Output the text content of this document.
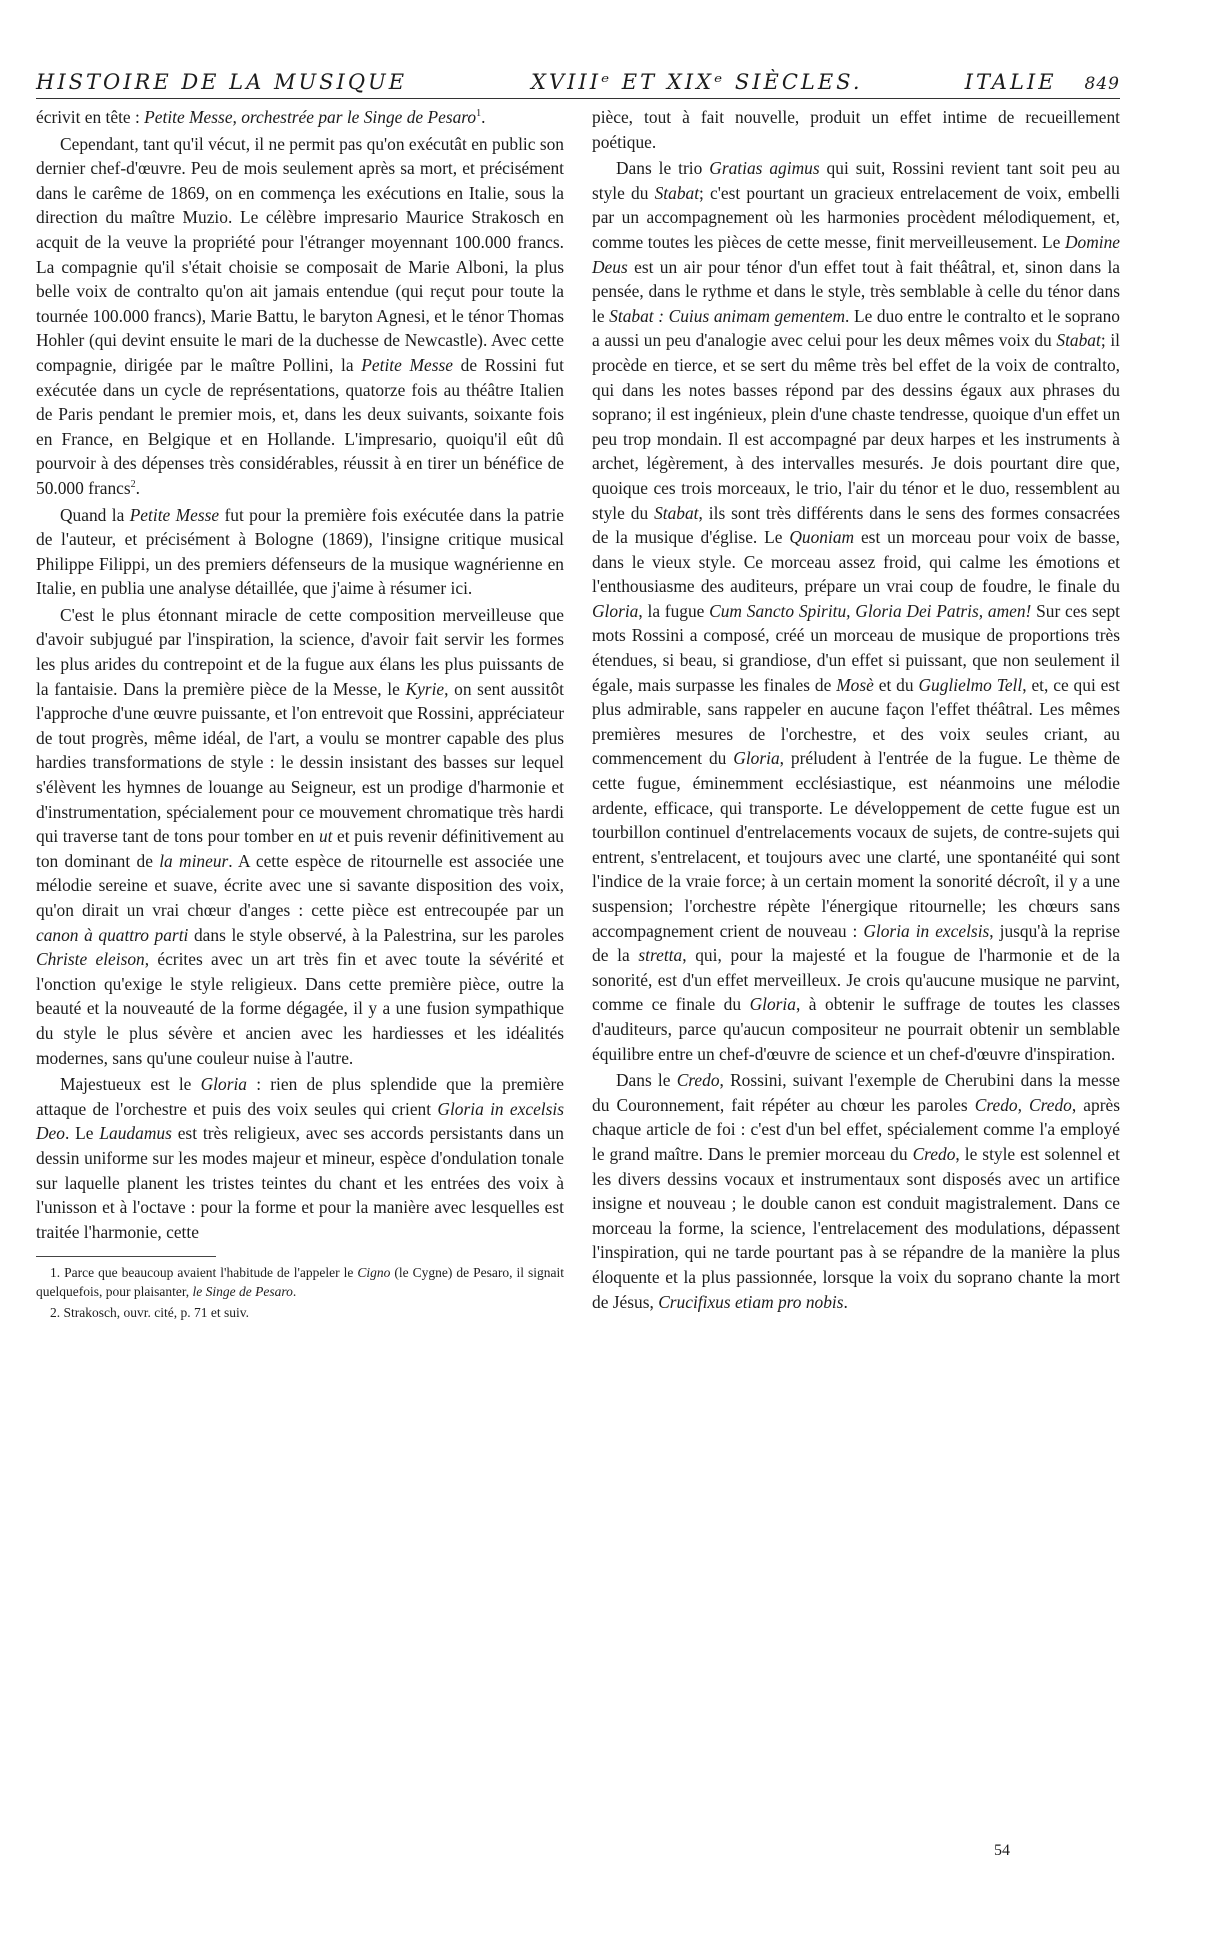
HISTOIRE DE LA MUSIQUE	XVIIIᵉ ET XIXᵉ SIÈCLES.	ITALIE 849

écrivit en tête : Petite Messe, orchestrée par le Singe de Pesaro$^1$.

Cependant, tant qu'il vécut, il ne permit pas qu'on exécutât en public son dernier chef-d'œuvre. Peu de mois seulement après sa mort, et précisément dans le carême de 1869, on en commença les exécutions en Italie, sous la direction du maître Muzio. Le célèbre impresario Maurice Strakosch en acquit de la veuve la propriété pour l'étranger moyennant 100.000 francs. La compagnie qu'il s'était choisie se composait de Marie Alboni, la plus belle voix de contralto qu'on ait jamais entendue (qui reçut pour toute la tournée 100.000 francs), Marie Battu, le baryton Agnesi, et le ténor Thomas Hohler (qui devint ensuite le mari de la duchesse de Newcastle). Avec cette compagnie, dirigée par le maître Pollini, la Petite Messe de Rossini fut exécutée dans un cycle de représentations, quatorze fois au théâtre Italien de Paris pendant le premier mois, et, dans les deux suivants, soixante fois en France, en Belgique et en Hollande. L'impresario, quoiqu'il eût dû pourvoir à des dépenses très considérables, réussit à en tirer un bénéfice de 50.000 francs$^2$.

Quand la Petite Messe fut pour la première fois exécutée dans la patrie de l'auteur, et précisément à Bologne (1869), l'insigne critique musical Philippe Filippi, un des premiers défenseurs de la musique wagnérienne en Italie, en publia une analyse détaillée, que j'aime à résumer ici.

C'est le plus étonnant miracle de cette composition merveilleuse que d'avoir subjugué par l'inspiration, la science, d'avoir fait servir les formes les plus arides du contrepoint et de la fugue aux élans les plus puissants de la fantaisie. Dans la première pièce de la Messe, le Kyrie, on sent aussitôt l'approche d'une œuvre puissante, et l'on entrevoit que Rossini, appréciateur de tout progrès, même idéal, de l'art, a voulu se montrer capable des plus hardies transformations de style : le dessin insistant des basses sur lequel s'élèvent les hymnes de louange au Seigneur, est un prodige d'harmonie et d'instrumentation, spécialement pour ce mouvement chromatique très hardi qui traverse tant de tons pour tomber en ut et puis revenir définitivement au ton dominant de la mineur. A cette espèce de ritournelle est associée une mélodie sereine et suave, écrite avec une si savante disposition des voix, qu'on dirait un vrai chœur d'anges : cette pièce est entrecoupée par un canon à quattro parti dans le style observé, à la Palestrina, sur les paroles Christe eleison, écrites avec un art très fin et avec toute la sévérité et l'onction qu'exige le style religieux. Dans cette première pièce, outre la beauté et la nouveauté de la forme dégagée, il y a une fusion sympathique du style le plus sévère et ancien avec les hardiesses et les idéalités modernes, sans qu'une couleur nuise à l'autre.

Majestueux est le Gloria : rien de plus splendide que la première attaque de l'orchestre et puis des voix seules qui crient Gloria in excelsis Deo. Le Laudamus est très religieux, avec ses accords persistants dans un dessin uniforme sur les modes majeur et mineur, espèce d'ondulation tonale sur laquelle planent les tristes teintes du chant et les entrées des voix à l'unisson et à l'octave : pour la forme et pour la manière avec lesquelles est traitée l'harmonie, cette

1. Parce que beaucoup avaient l'habitude de l'appeler le Cigno (le Cygne) de Pesaro, il signait quelquefois, pour plaisanter, le Singe de Pesaro.

2. Strakosch, ouvr. cité, p. 71 et suiv.

pièce, tout à fait nouvelle, produit un effet intime de recueillement poétique.

Dans le trio Gratias agimus qui suit, Rossini revient tant soit peu au style du Stabat; c'est pourtant un gracieux entrelacement de voix, embelli par un accompagnement où les harmonies procèdent mélodiquement, et, comme toutes les pièces de cette messe, finit merveilleusement. Le Domine Deus est un air pour ténor d'un effet tout à fait théâtral, et, sinon dans la pensée, dans le rythme et dans le style, très semblable à celle du ténor dans le Stabat : Cuius animam gementem. Le duo entre le contralto et le soprano a aussi un peu d'analogie avec celui pour les deux mêmes voix du Stabat; il procède en tierce, et se sert du même très bel effet de la voix de contralto, qui dans les notes basses répond par des dessins égaux aux phrases du soprano; il est ingénieux, plein d'une chaste tendresse, quoique d'un effet un peu trop mondain. Il est accompagné par deux harpes et les instruments à archet, légèrement, à des intervalles mesurés. Je dois pourtant dire que, quoique ces trois morceaux, le trio, l'air du ténor et le duo, ressemblent au style du Stabat, ils sont très différents dans le sens des formes consacrées de la musique d'église. Le Quoniam est un morceau pour voix de basse, dans le vieux style. Ce morceau assez froid, qui calme les émotions et l'enthousiasme des auditeurs, prépare un vrai coup de foudre, le finale du Gloria, la fugue Cum Sancto Spiritu, Gloria Dei Patris, amen! Sur ces sept mots Rossini a composé, créé un morceau de musique de proportions très étendues, si beau, si grandiose, d'un effet si puissant, que non seulement il égale, mais surpasse les finales de Mosè et du Guglielmo Tell, et, ce qui est plus admirable, sans rappeler en aucune façon l'effet théâtral. Les mêmes premières mesures de l'orchestre, et des voix seules criant, au commencement du Gloria, préludent à l'entrée de la fugue. Le thème de cette fugue, éminemment ecclésiastique, est néanmoins une mélodie ardente, efficace, qui transporte. Le développement de cette fugue est un tourbillon continuel d'entrelacements vocaux de sujets, de contre-sujets qui entrent, s'entrelacent, et toujours avec une clarté, une spontanéité qui sont l'indice de la vraie force; à un certain moment la sonorité décroît, il y a une suspension; l'orchestre répète l'énergique ritournelle; les chœurs sans accompagnement crient de nouveau : Gloria in excelsis, jusqu'à la reprise de la stretta, qui, pour la majesté et la fougue de l'harmonie et de la sonorité, est d'un effet merveilleux. Je crois qu'aucune musique ne parvint, comme ce finale du Gloria, à obtenir le suffrage de toutes les classes d'auditeurs, parce qu'aucun compositeur ne pourrait obtenir un semblable équilibre entre un chef-d'œuvre de science et un chef-d'œuvre d'inspiration.

Dans le Credo, Rossini, suivant l'exemple de Cherubini dans la messe du Couronnement, fait répéter au chœur les paroles Credo, Credo, après chaque article de foi : c'est d'un bel effet, spécialement comme l'a employé le grand maître. Dans le premier morceau du Credo, le style est solennel et les divers dessins vocaux et instrumentaux sont disposés avec un artifice insigne et nouveau ; le double canon est conduit magistralement. Dans ce morceau la forme, la science, l'entrelacement des modulations, dépassent l'inspiration, qui ne tarde pourtant pas à se répandre de la manière la plus éloquente et la plus passionnée, lorsque la voix du soprano chante la mort de Jésus, Crucifixus etiam pro nobis.

54
